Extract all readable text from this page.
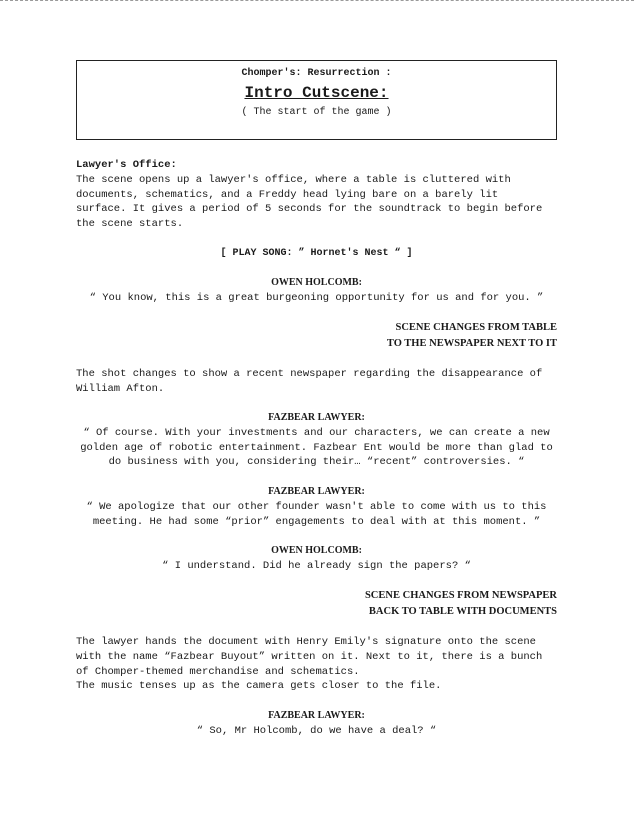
Chomper's: Resurrection :
Intro Cutscene:
( The start of the game )
Lawyer's Office:
The scene opens up a lawyer's office, where a table is cluttered with
documents, schematics, and a Freddy head lying bare on a barely lit
surface. It gives a period of 5 seconds for the soundtrack to begin before
the scene starts.
[ PLAY SONG: ” Hornet's Nest “ ]
OWEN HOLCOMB:
“ You know, this is a great burgeoning opportunity for us and for you. ”
SCENE CHANGES FROM TABLE
TO THE NEWSPAPER NEXT TO IT
The shot changes to show a recent newspaper regarding the disappearance of
William Afton.
FAZBEAR LAWYER:
“ Of course. With your investments and our characters, we can create a new
golden age of robotic entertainment. Fazbear Ent would be more than glad to
do business with you, considering their… “recent” controversies. “
FAZBEAR LAWYER:
“ We apologize that our other founder wasn't able to come with us to this
meeting. He had some “prior” engagements to deal with at this moment. ”
OWEN HOLCOMB:
“ I understand. Did he already sign the papers? “
SCENE CHANGES FROM NEWSPAPER
BACK TO TABLE WITH DOCUMENTS
The lawyer hands the document with Henry Emily's signature onto the scene
with the name “Fazbear Buyout” written on it. Next to it, there is a bunch
of Chomper-themed merchandise and schematics.
The music tenses up as the camera gets closer to the file.
FAZBEAR LAWYER:
“ So, Mr Holcomb, do we have a deal? “
